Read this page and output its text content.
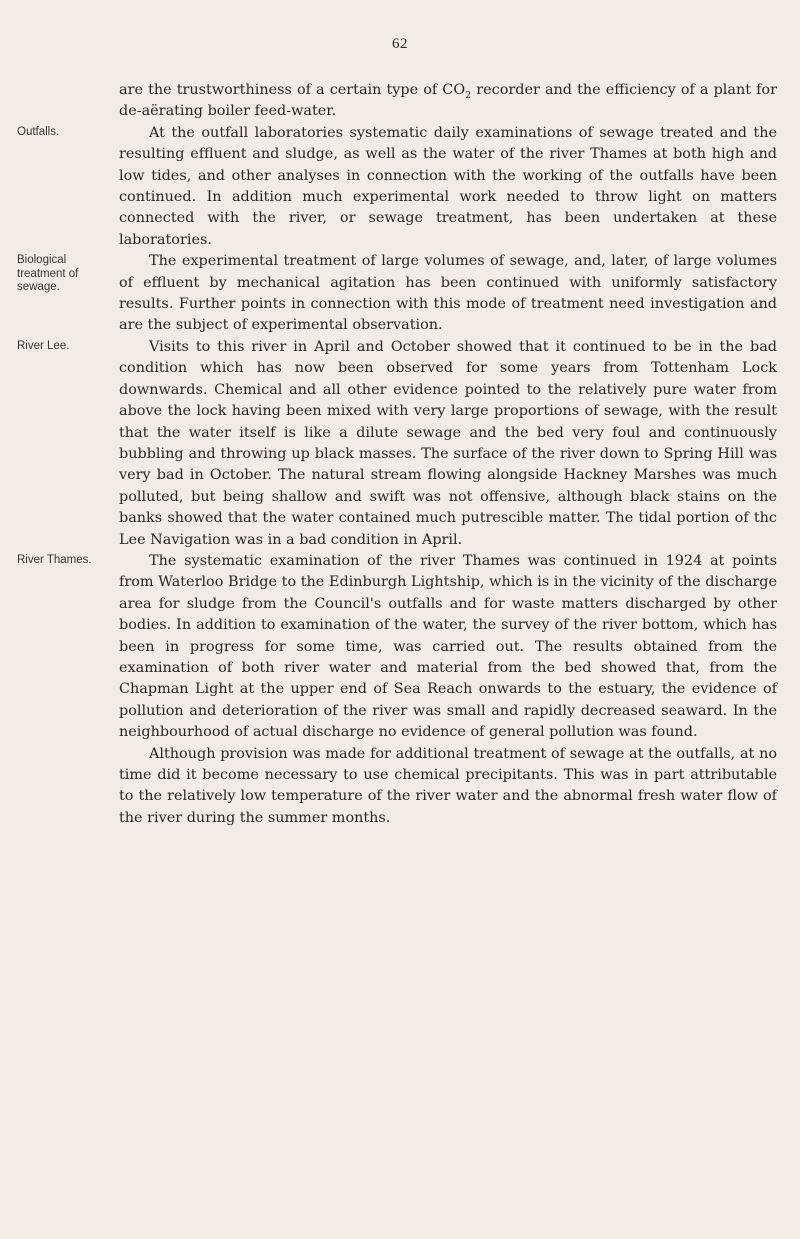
62

are the trustworthiness of a certain type of $CO_2$ recorder and the efficiency of a plant for de-aërating boiler feed-water.

Outfalls.	At the outfall laboratories systematic daily examinations of sewage treated and the resulting effluent and sludge, as well as the water of the river Thames at both high and low tides, and other analyses in connection with the working of the outfalls have been continued. In addition much experimental work needed to throw light on matters connected with the river, or sewage treatment, has been undertaken at these laboratories.

Biological treatment of sewage.
The experimental treatment of large volumes of sewage, and, later, of large volumes of effluent by mechanical agitation has been continued with uniformly satisfactory results. Further points in connection with this mode of treatment need investigation and are the subject of experimental observation.

River Lee.	Visits to this river in April and October showed that it continued to be in the bad condition which has now been observed for some years from Tottenham Lock downwards. Chemical and all other evidence pointed to the relatively pure water from above the lock having been mixed with very large proportions of sewage, with the result that the water itself is like a dilute sewage and the bed very foul and continuously bubbling and throwing up black masses. The surface of the river down to Spring Hill was very bad in October. The natural stream flowing alongside Hackney Marshes was much polluted, but being shallow and swift was not offensive, although black stains on the banks showed that the water contained much putrescible matter. The tidal portion of thc Lee Navigation was in a bad condition in April.

River Thames.	The systematic examination of the river Thames was continued in 1924 at points from Waterloo Bridge to the Edinburgh Lightship, which is in the vicinity of the discharge area for sludge from the Council's outfalls and for waste matters discharged by other bodies. In addition to examination of the water, the survey of the river bottom, which has been in progress for some time, was carried out. The results obtained from the examination of both river water and material from the bed showed that, from the Chapman Light at the upper end of Sea Reach onwards to the estuary, the evidence of pollution and deterioration of the river was small and rapidly decreased seaward. In the neighbourhood of actual discharge no evidence of general pollution was found.

Although provision was made for additional treatment of sewage at the outfalls, at no time did it become necessary to use chemical precipitants. This was in part attributable to the relatively low temperature of the river water and the abnormal fresh water flow of the river during the summer months.
